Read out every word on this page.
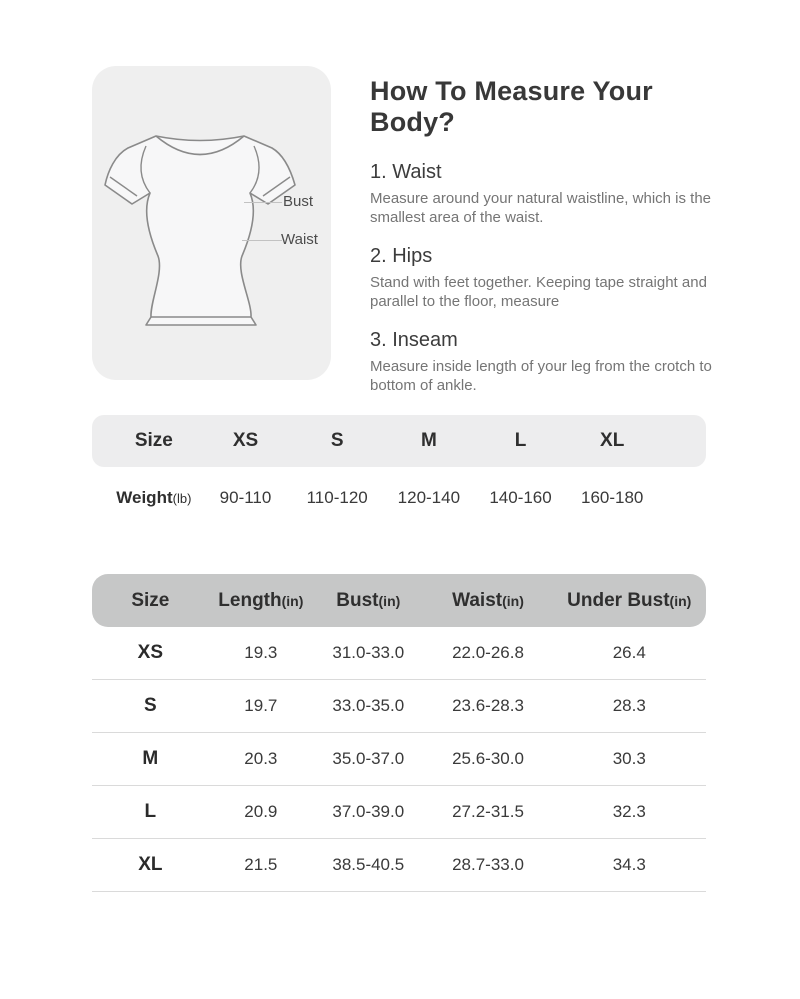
Bust
Waist
How To Measure Your Body?
1. Waist

Measure around your natural waistline, which is the smallest area of the waist.

2. Hips

Stand with feet together. Keeping tape straight and parallel to the floor, measure

3. Inseam

Measure inside length of your leg from the crotch to bottom of ankle.

Size	XS	S	M	L	XL
Weight(lb)	90-110	110-120	120-140	140-160	160-180
Size	Length(in)	Bust(in)	Waist(in)	Under Bust(in)
XS	19.3	31.0-33.0	22.0-26.8	26.4
S	19.7	33.0-35.0	23.6-28.3	28.3
M	20.3	35.0-37.0	25.6-30.0	30.3
L	20.9	37.0-39.0	27.2-31.5	32.3
XL	21.5	38.5-40.5	28.7-33.0	34.3
